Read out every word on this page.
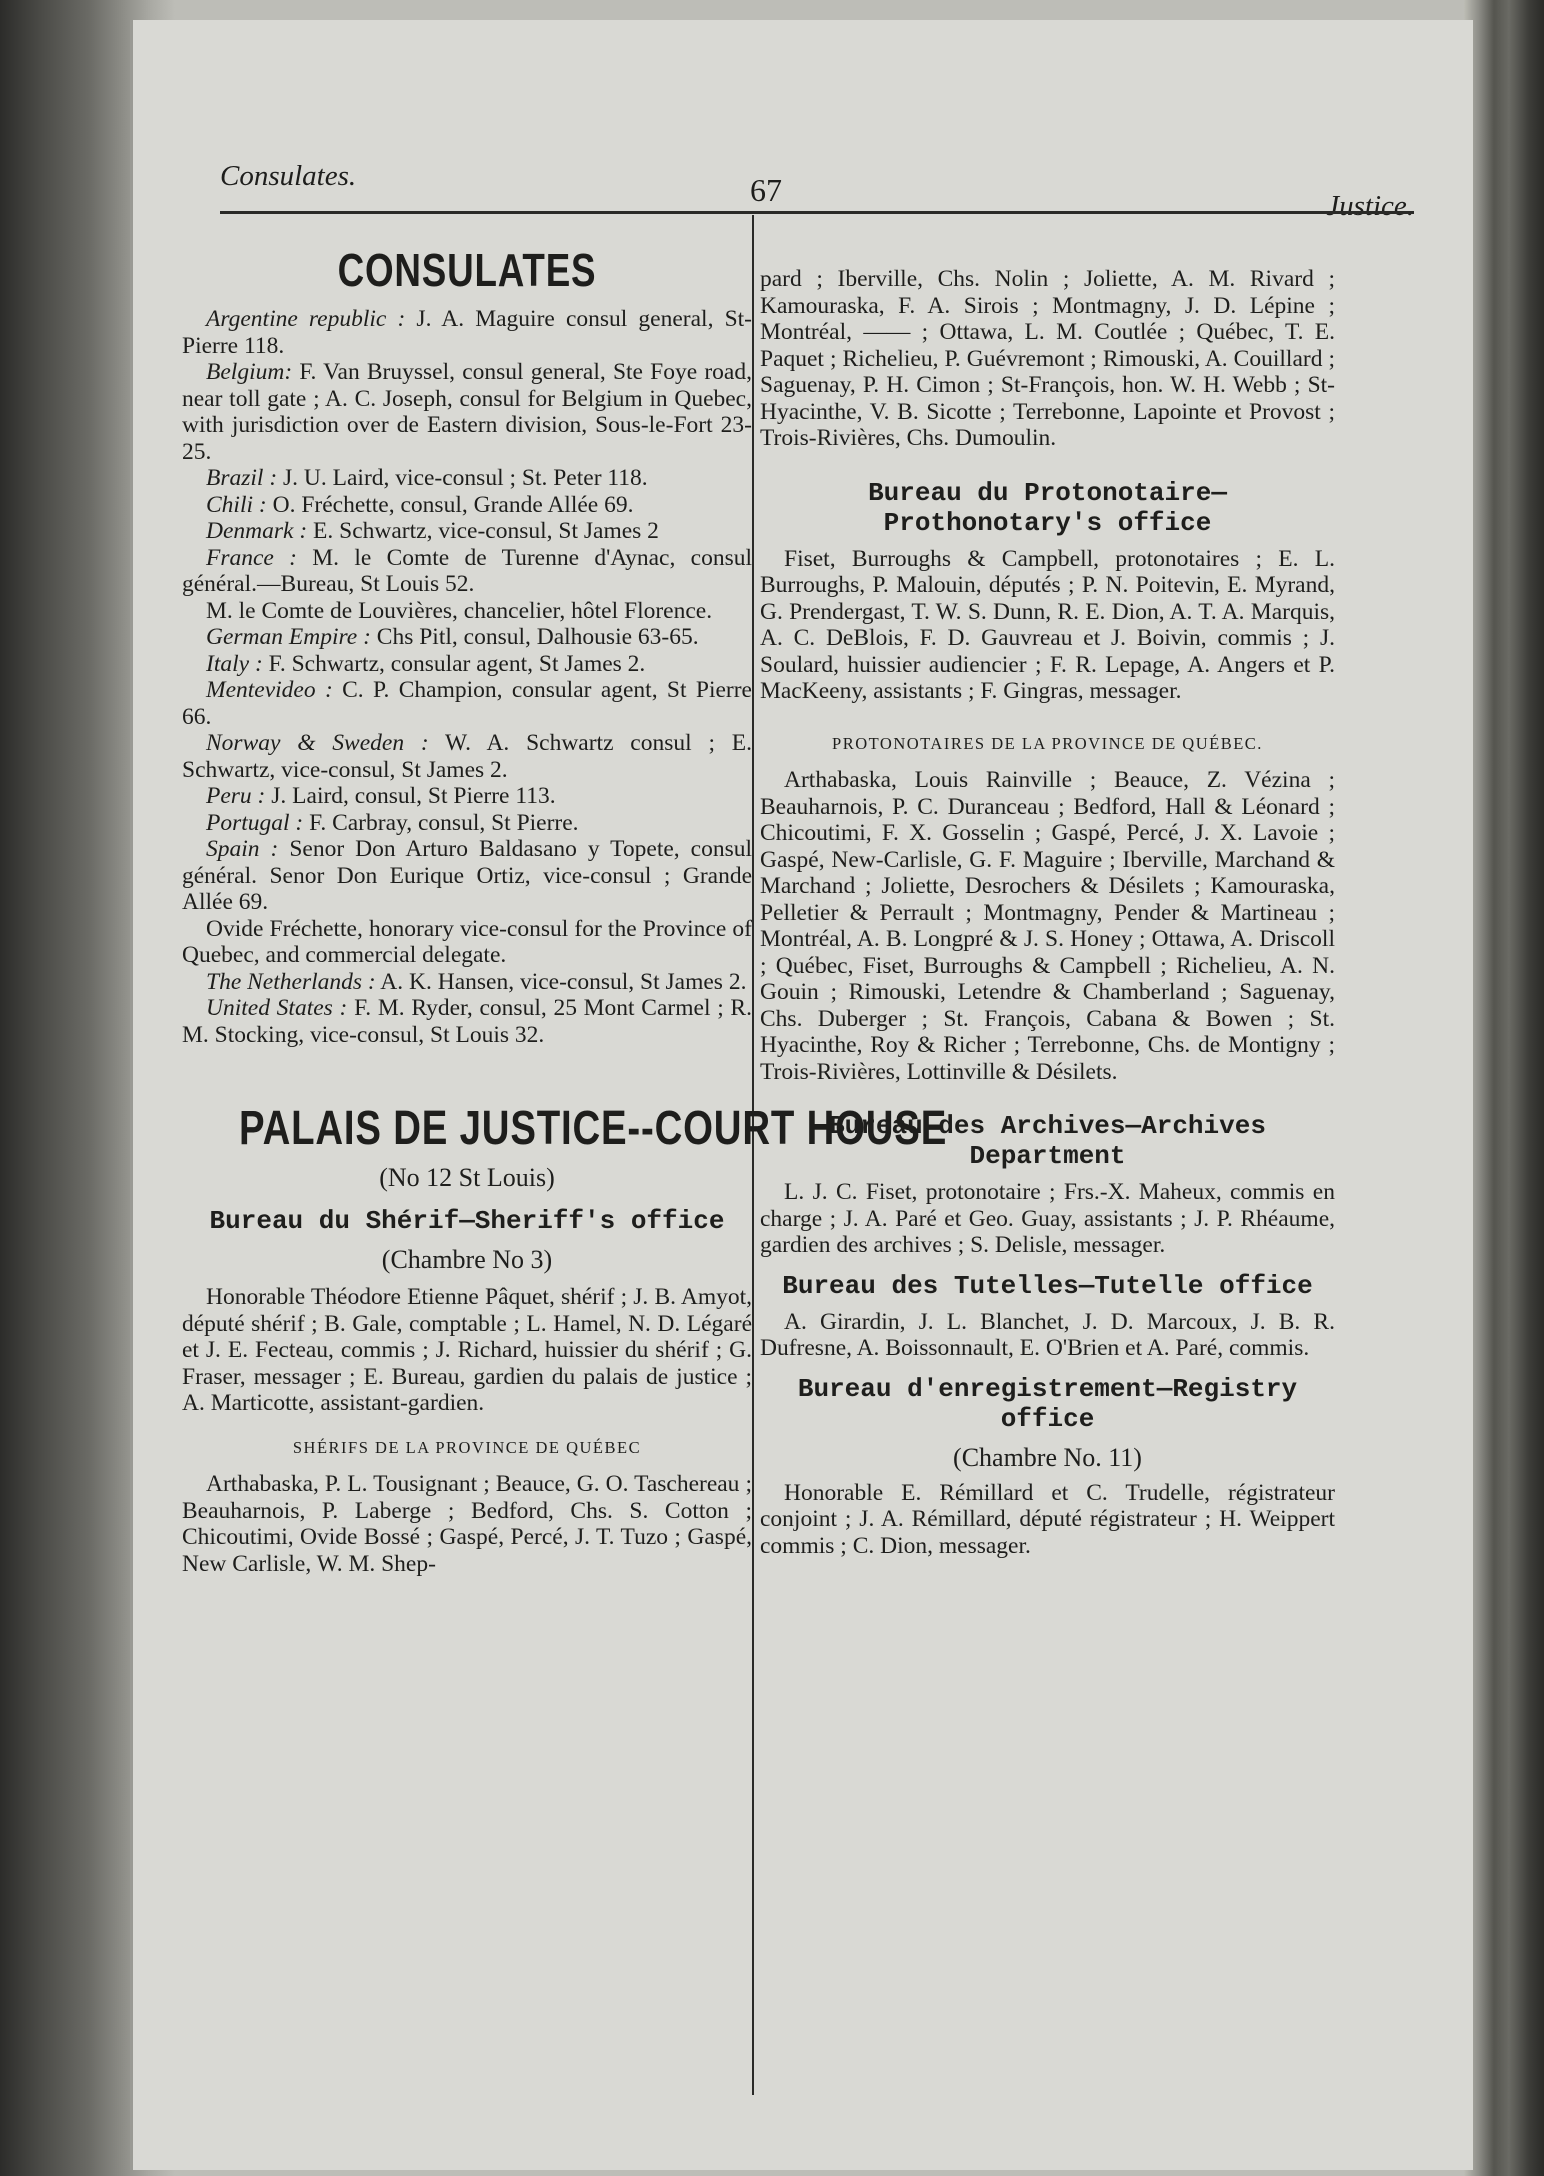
Consulates.	67	Justice.
CONSULATES

Argentine republic : J. A. Maguire consul general, St-Pierre 118.

Belgium: F. Van Bruyssel, consul general, Ste Foye road, near toll gate ; A. C. Joseph, consul for Belgium in Quebec, with jurisdiction over de Eastern division, Sous-le-Fort 23-25.

Brazil : J. U. Laird, vice-consul ; St. Peter 118.

Chili : O. Fréchette, consul, Grande Allée 69.

Denmark : E. Schwartz, vice-consul, St James 2

France : M. le Comte de Turenne d'Aynac, consul général.—Bureau, St Louis 52.

M. le Comte de Louvières, chancelier, hôtel Florence.

German Empire : Chs Pitl, consul, Dalhousie 63-65.

Italy : F. Schwartz, consular agent, St James 2.

Mentevideo : C. P. Champion, consular agent, St Pierre 66.

Norway & Sweden : W. A. Schwartz consul ; E. Schwartz, vice-consul, St James 2.

Peru : J. Laird, consul, St Pierre 113.

Portugal : F. Carbray, consul, St Pierre.

Spain : Senor Don Arturo Baldasano y Topete, consul général. Senor Don Eurique Ortiz, vice-consul ; Grande Allée 69.

Ovide Fréchette, honorary vice-consul for the Province of Quebec, and commercial delegate.

The Netherlands : A. K. Hansen, vice-consul, St James 2.

United States : F. M. Ryder, consul, 25 Mont Carmel ; R. M. Stocking, vice-consul, St Louis 32.

PALAIS DE JUSTICE--COURT HOUSE
(No 12 St Louis)
Bureau du Shérif—Sheriff's office
(Chambre No 3)

Honorable Théodore Etienne Pâquet, shérif ; J. B. Amyot, député shérif ; B. Gale, comptable ; L. Hamel, N. D. Légaré et J. E. Fecteau, commis ; J. Richard, huissier du shérif ; G. Fraser, messager ; E. Bureau, gardien du palais de justice ; A. Marticotte, assistant-gardien.

SHÉRIFS DE LA PROVINCE DE QUÉBEC

Arthabaska, P. L. Tousignant ; Beauce, G. O. Taschereau ; Beauharnois, P. Laberge ; Bedford, Chs. S. Cotton ; Chicoutimi, Ovide Bossé ; Gaspé, Percé, J. T. Tuzo ; Gaspé, New Carlisle, W. M. Shep-

pard ; Iberville, Chs. Nolin ; Joliette, A. M. Rivard ; Kamouraska, F. A. Sirois ; Montmagny, J. D. Lépine ; Montréal, —— ; Ottawa, L. M. Coutlée ; Québec, T. E. Paquet ; Richelieu, P. Guévremont ; Rimouski, A. Couillard ; Saguenay, P. H. Cimon ; St-François, hon. W. H. Webb ; St-Hyacinthe, V. B. Sicotte ; Terrebonne, Lapointe et Provost ; Trois-Rivières, Chs. Dumoulin.

Bureau du Protonotaire—Prothonotary's office

Fiset, Burroughs & Campbell, protonotaires ; E. L. Burroughs, P. Malouin, députés ; P. N. Poitevin, E. Myrand, G. Prendergast, T. W. S. Dunn, R. E. Dion, A. T. A. Marquis, A. C. DeBlois, F. D. Gauvreau et J. Boivin, commis ; J. Soulard, huissier audiencier ; F. R. Lepage, A. Angers et P. MacKeeny, assistants ; F. Gingras, messager.

PROTONOTAIRES DE LA PROVINCE DE QUÉBEC.

Arthabaska, Louis Rainville ; Beauce, Z. Vézina ; Beauharnois, P. C. Duranceau ; Bedford, Hall & Léonard ; Chicoutimi, F. X. Gosselin ; Gaspé, Percé, J. X. Lavoie ; Gaspé, New-Carlisle, G. F. Maguire ; Iberville, Marchand & Marchand ; Joliette, Desrochers & Désilets ; Kamouraska, Pelletier & Perrault ; Montmagny, Pender & Martineau ; Montréal, A. B. Longpré & J. S. Honey ; Ottawa, A. Driscoll ; Québec, Fiset, Burroughs & Campbell ; Richelieu, A. N. Gouin ; Rimouski, Letendre & Chamberland ; Saguenay, Chs. Duberger ; St. François, Cabana & Bowen ; St. Hyacinthe, Roy & Richer ; Terrebonne, Chs. de Montigny ; Trois-Rivières, Lottinville & Désilets.

Bureau des Archives—Archives Department

L. J. C. Fiset, protonotaire ; Frs.-X. Maheux, commis en charge ; J. A. Paré et Geo. Guay, assistants ; J. P. Rhéaume, gardien des archives ; S. Delisle, messager.

Bureau des Tutelles—Tutelle office

A. Girardin, J. L. Blanchet, J. D. Marcoux, J. B. R. Dufresne, A. Boissonnault, E. O'Brien et A. Paré, commis.

Bureau d'enregistrement—Registry office
(Chambre No. 11)

Honorable E. Rémillard et C. Trudelle, régistrateur conjoint ; J. A. Rémillard, député régistrateur ; H. Weippert commis ; C. Dion, messager.
